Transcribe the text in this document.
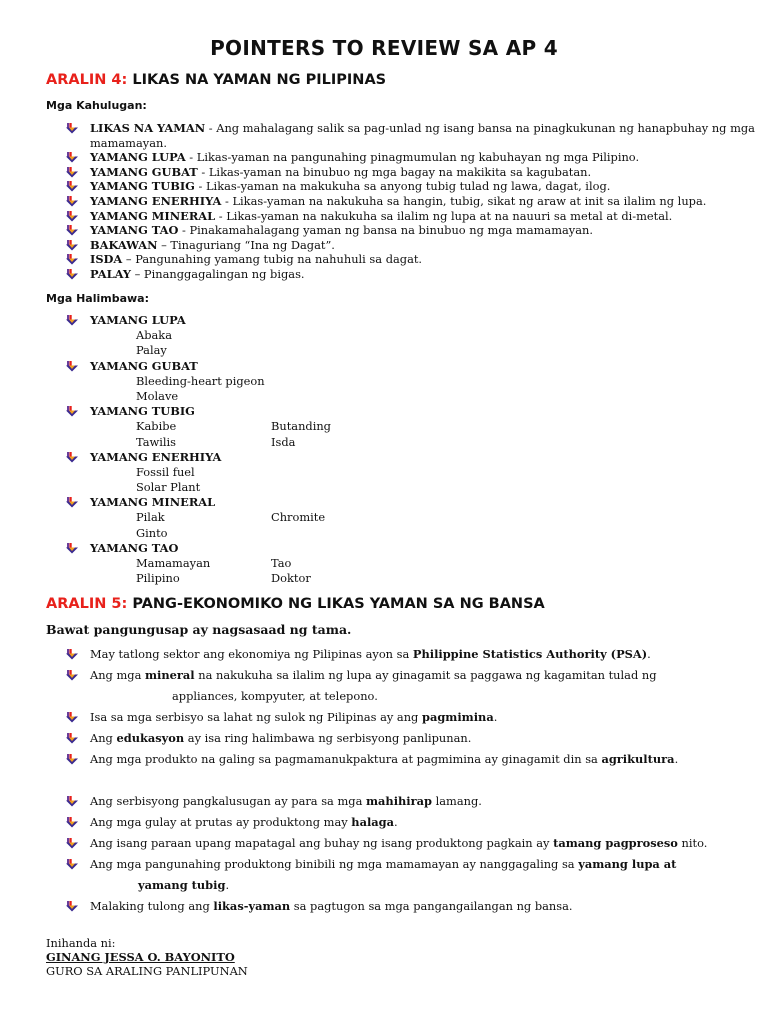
POINTERS TO REVIEW SA AP 4
ARALIN 4: LIKAS NA YAMAN NG PILIPINAS
Mga Kahulugan:
LIKAS NA YAMAN - Ang mahalagang salik sa pag-unlad ng isang bansa na pinagkukunan ng hanapbuhay ng mga mamamayan.
YAMANG LUPA - Likas-yaman na pangunahing pinagmumulan ng kabuhayan ng mga Pilipino.
YAMANG GUBAT - Likas-yaman na binubuo ng mga bagay na makikita sa kagubatan.
YAMANG TUBIG - Likas-yaman na makukuha sa anyong tubig tulad ng lawa, dagat, ilog.
YAMANG ENERHIYA - Likas-yaman na nakukuha sa hangin, tubig, sikat ng araw at init sa ilalim ng lupa.
YAMANG MINERAL - Likas-yaman na nakukuha sa ilalim ng lupa at na nauuri sa metal at di-metal.
YAMANG TAO - Pinakamahalagang yaman ng bansa na binubuo ng mga mamamayan.
BAKAWAN – Tinaguriang “Ina ng Dagat”.
ISDA – Pangunahing yamang tubig na nahuhuli sa dagat.
PALAY – Pinanggagalingan ng bigas.
Mga Halimbawa:
YAMANG LUPA
Abaka
Palay
YAMANG GUBAT
Bleeding-heart pigeon
Molave
YAMANG TUBIG
Kabibe	Butanding
Tawilis	Isda
YAMANG ENERHIYA
Fossil fuel
Solar Plant
YAMANG MINERAL
Pilak	Chromite
Ginto
YAMANG TAO
Mamamayan	Tao
Pilipino	Doktor
ARALIN 5: PANG-EKONOMIKO NG LIKAS YAMAN SA NG BANSA
Bawat pangungusap ay nagsasaad ng tama.
May tatlong sektor ang ekonomiya ng Pilipinas ayon sa Philippine Statistics Authority (PSA).
Ang mga mineral na nakukuha sa ilalim ng lupa ay ginagamit sa paggawa ng kagamitan tulad ng
appliances, kompyuter, at telepono.
Isa sa mga serbisyo sa lahat ng sulok ng Pilipinas ay ang pagmimina.
Ang edukasyon ay isa ring halimbawa ng serbisyong panlipunan.
Ang mga produkto na galing sa pagmamanukpaktura at pagmimina ay ginagamit din sa agrikultura.
Ang serbisyong pangkalusugan ay para sa mga mahihirap lamang.
Ang mga gulay at prutas ay produktong may halaga.
Ang isang paraan upang mapatagal ang buhay ng isang produktong pagkain ay tamang pagproseso nito.
Ang mga pangunahing produktong binibili ng mga mamamayan ay nanggagaling sa yamang lupa at
yamang tubig.
Malaking tulong ang likas-yaman sa pagtugon sa mga pangangailangan ng bansa.
Inihanda ni:
GINANG JESSA O. BAYONITO
GURO SA ARALING PANLIPUNAN
